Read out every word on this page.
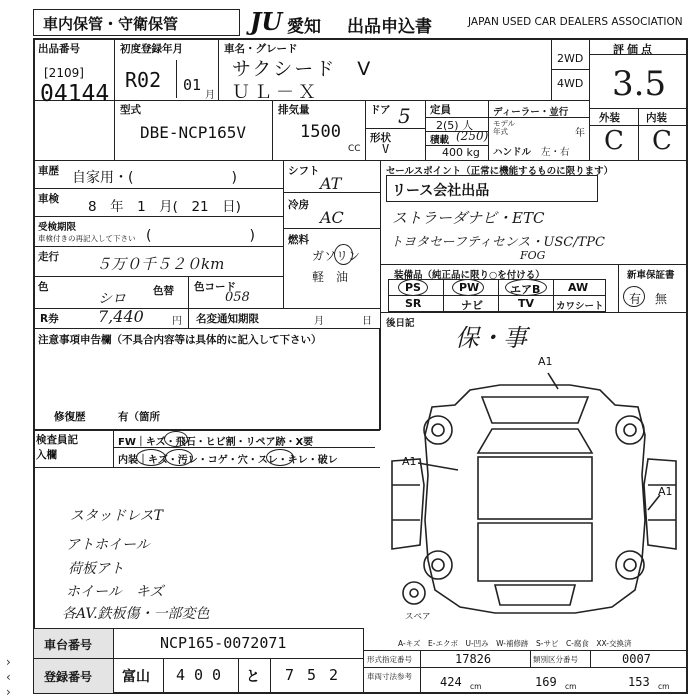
車内保管・守衛保管	JU 愛知 出品申込書	JAPAN USED CAR DEALERS ASSOCIATION
出品番号
[2109]
04144
初度登録年月
R02 01
月
車名・グレード
サクシード　V
ＵＬ－Ｘ
2WD
4WD
型式
DBE-NCP165V
排気量
1500
CC
ドア 5
形状
V
定員
2(5) 人
積載 (250)
400 kg
ディーラー・並行
モデル年式	年
ハンドル 左・右
評価点
3.5
外装 内装
C C
車歴 自家用・(　　　　　　　)
車検 8　年　1　月(　21　日)
受検期限
車検付きの再記入して下さい (　　　　　　　)
走行 ５万０千５２０km
色
シロ	色替 色コード
058
シフト
AT
冷房
AC
燃料
ガソリン
軽　油
R券 7,440	円 名変通知期限	月	日
注意事項申告欄（不具合内容等は具体的に記入して下さい）
修復歴	有（箇所
セールスポイント（正常に機能するものに限ります）
リース会社出品
ストラーダナビ・ETC
トヨタセーフティセンス・USC/TPC
FOG
装備品（純正品に限り○を付ける）
PS	PW	エアB	AW
SR	ナビ	TV カワシート
新車保証書
有 無
後日記
保・事
検査員記入欄
FW｜キズ・飛石・ヒビ割・リペア跡・X要
内装｜キズ・汚レ・コゲ・穴・スレ・キレ・破レ
スタッドレスT
アトホイール
荷板アト
ホイール　キズ
各AV.鉄板傷・一部変色
A1
A1
A1
スペア
A-キズ　E-エクボ　U-凹み　W-補修跡　S-サビ　C-腐食　XX-交換済
車台番号	NCP165-0072071
登録番号 富山 400 と 752
形式指定番号	17826	類別区分番号	0007
車両寸法参考	424 cm	169 cm	153 cm
›
‹
›
